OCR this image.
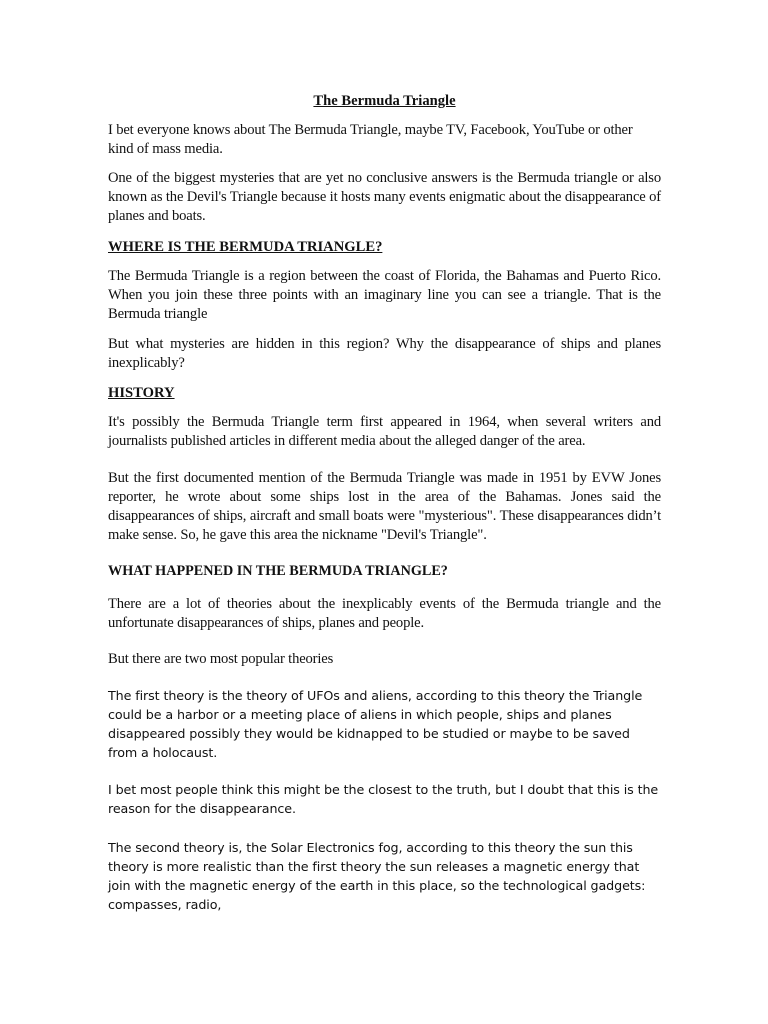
The Bermuda Triangle

I bet everyone knows about The Bermuda Triangle, maybe TV, Facebook, YouTube or other kind of mass media.

One of the biggest mysteries that are yet no conclusive answers is the Bermuda triangle or also known as the Devil's Triangle because it hosts many events enigmatic about the disappearance of planes and boats.

WHERE IS THE BERMUDA TRIANGLE?

The Bermuda Triangle is a region between the coast of Florida, the Bahamas and Puerto Rico. When you join these three points with an imaginary line you can see a triangle. That is the Bermuda triangle

But what mysteries are hidden in this region? Why the disappearance of ships and planes inexplicably?

HISTORY

It's possibly the Bermuda Triangle term first appeared in 1964, when several writers and journalists published articles in different media about the alleged danger of the area.

But the first documented mention of the Bermuda Triangle was made in 1951 by EVW Jones reporter, he wrote about some ships lost in the area of the Bahamas. Jones said the disappearances of ships, aircraft and small boats were "mysterious". These disappearances didn’t make sense. So, he gave this area the nickname "Devil's Triangle".

WHAT HAPPENED IN THE BERMUDA TRIANGLE?

There are a lot of theories about the inexplicably events of the Bermuda triangle and the unfortunate disappearances of ships, planes and people.

But there are two most popular theories

The first theory is the theory of UFOs and aliens, according to this theory the Triangle could be a harbor or a meeting place of aliens in which people, ships and planes disappeared possibly they would be kidnapped to be studied or maybe to be saved from a holocaust.

I bet most people think this might be the closest to the truth, but I doubt that this is the reason for the disappearance.

The second theory is, the Solar Electronics fog, according to this theory the sun this theory is more realistic than the first theory the sun releases a magnetic energy that join with the magnetic energy of the earth in this place, so the technological gadgets: compasses, radio,
